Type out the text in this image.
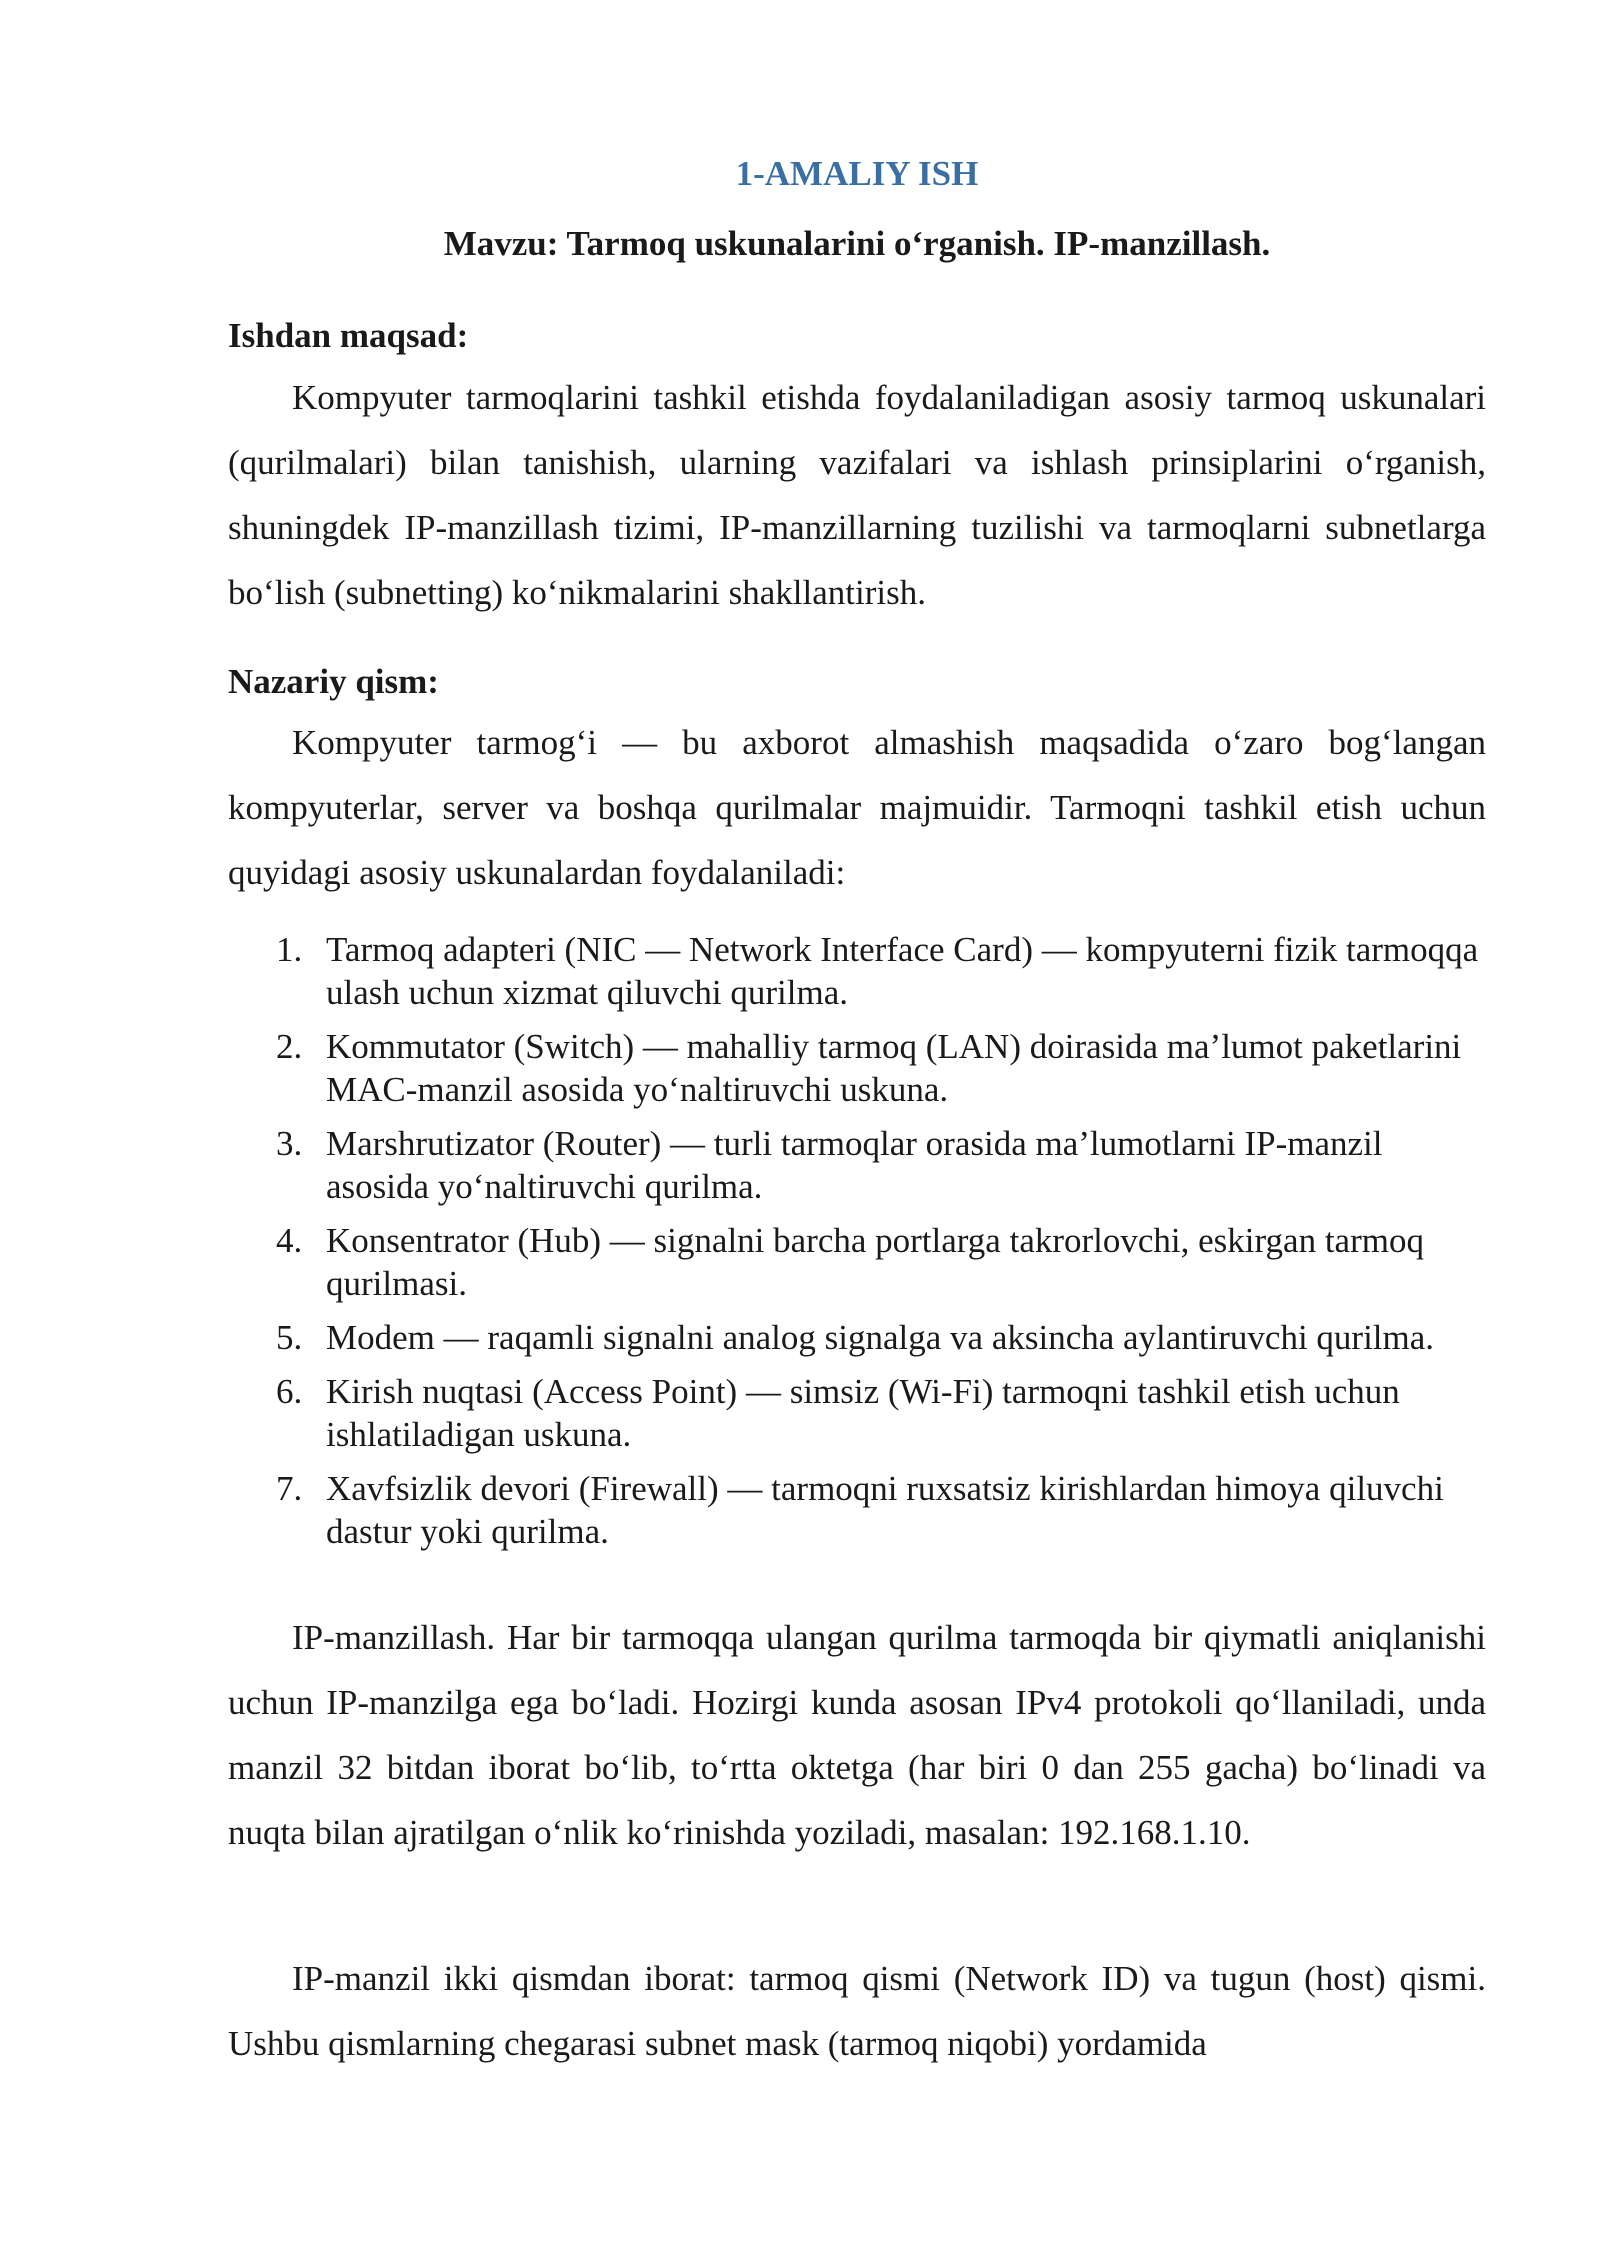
1-AMALIY ISH
Mavzu: Tarmoq uskunalarini o‘rganish. IP-manzillash.
Ishdan maqsad:

Kompyuter tarmoqlarini tashkil etishda foydalaniladigan asosiy tarmoq uskunalari (qurilmalari) bilan tanishish, ularning vazifalari va ishlash prinsiplarini o‘rganish, shuningdek IP-manzillash tizimi, IP-manzillarning tuzilishi va tarmoqlarni subnetlarga bo‘lish (subnetting) ko‘nikmalarini shakllantirish.

Nazariy qism:

Kompyuter tarmog‘i — bu axborot almashish maqsadida o‘zaro bog‘langan kompyuterlar, server va boshqa qurilmalar majmuidir. Tarmoqni tashkil etish uchun quyidagi asosiy uskunalardan foydalaniladi:

1. Tarmoq adapteri (NIC — Network Interface Card) — kompyuterni fizik tarmoqqa ulash uchun xizmat qiluvchi qurilma.
2. Kommutator (Switch) — mahalliy tarmoq (LAN) doirasida ma’lumot paketlarini MAC-manzil asosida yo‘naltiruvchi uskuna.
3. Marshrutizator (Router) — turli tarmoqlar orasida ma’lumotlarni IP-manzil asosida yo‘naltiruvchi qurilma.
4. Konsentrator (Hub) — signalni barcha portlarga takrorlovchi, eskirgan tarmoq qurilmasi.
5. Modem — raqamli signalni analog signalga va aksincha aylantiruvchi qurilma.
6. Kirish nuqtasi (Access Point) — simsiz (Wi-Fi) tarmoqni tashkil etish uchun ishlatiladigan uskuna.
7. Xavfsizlik devori (Firewall) — tarmoqni ruxsatsiz kirishlardan himoya qiluvchi dastur yoki qurilma.

IP-manzillash. Har bir tarmoqqa ulangan qurilma tarmoqda bir qiymatli aniqlanishi uchun IP-manzilga ega bo‘ladi. Hozirgi kunda asosan IPv4 protokoli qo‘llaniladi, unda manzil 32 bitdan iborat bo‘lib, to‘rtta oktetga (har biri 0 dan 255 gacha) bo‘linadi va nuqta bilan ajratilgan o‘nlik ko‘rinishda yoziladi, masalan: 192.168.1.10.

IP-manzil ikki qismdan iborat: tarmoq qismi (Network ID) va tugun (host) qismi. Ushbu qismlarning chegarasi subnet mask (tarmoq niqobi) yordamida
